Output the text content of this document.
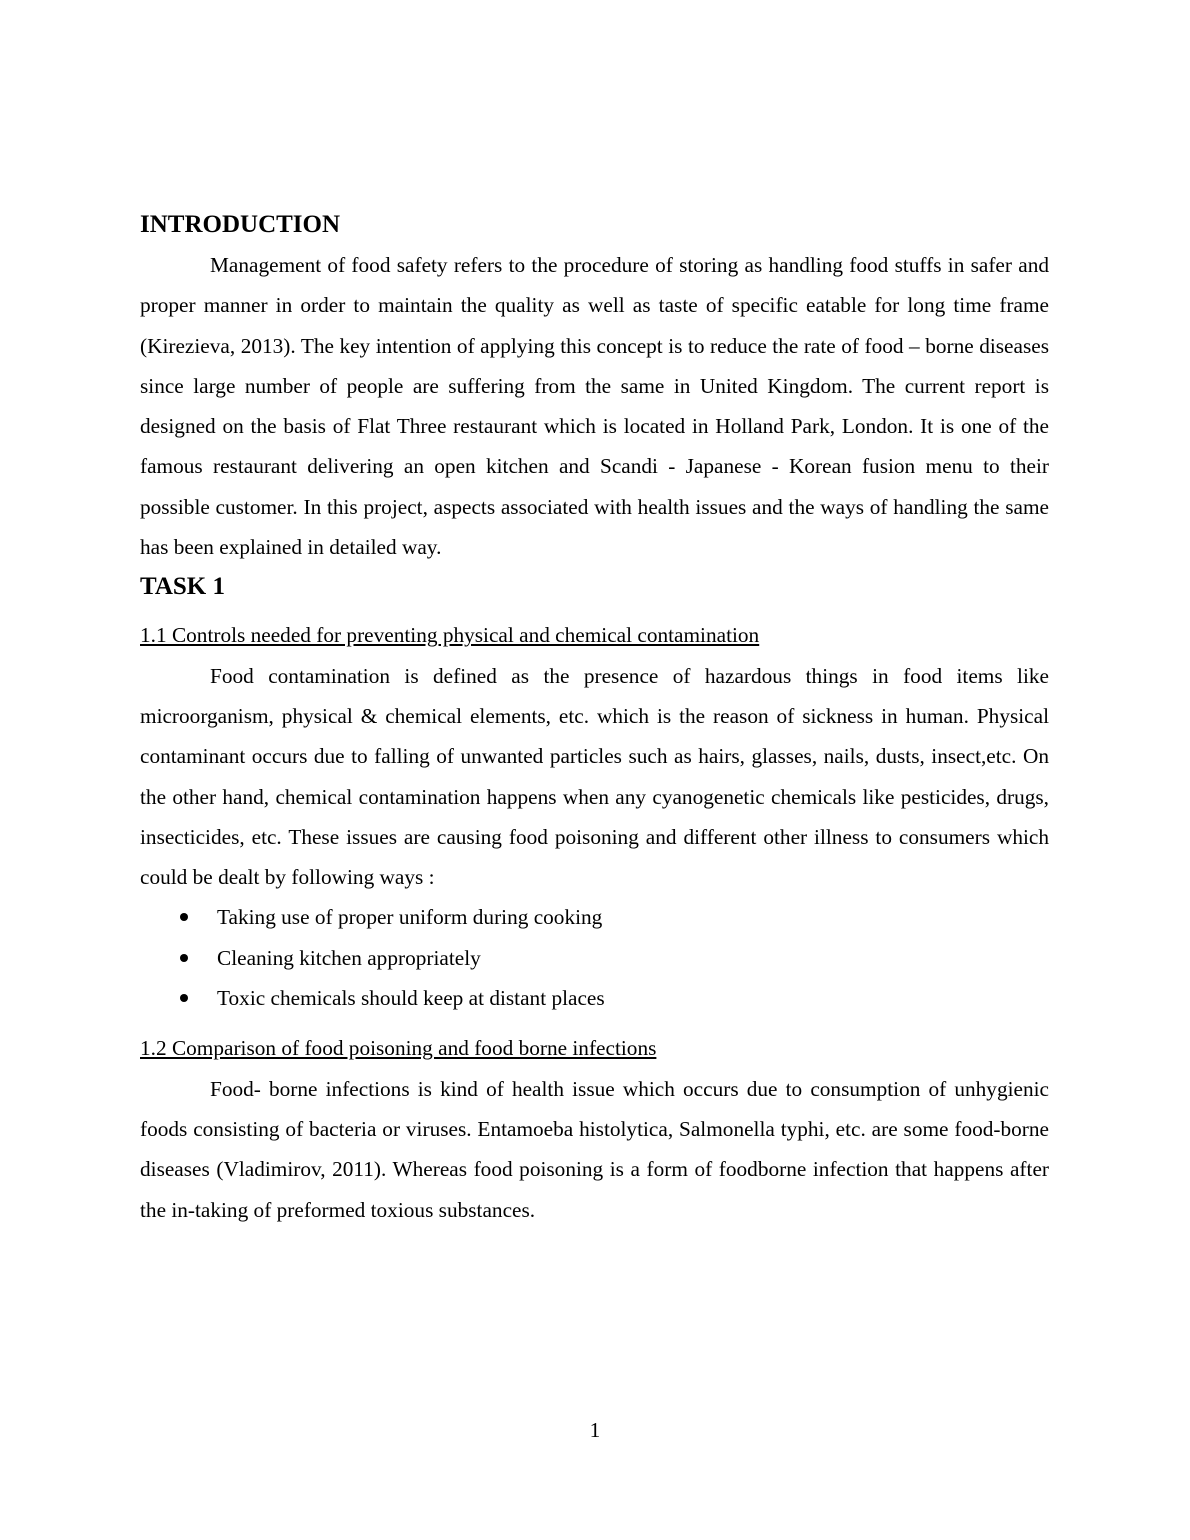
INTRODUCTION

Management of food safety refers to the procedure of storing as handling food stuffs in safer and proper manner in order to maintain the quality as well as taste of specific eatable for long time frame (Kirezieva, 2013). The key intention of applying this concept is to reduce the rate of food – borne diseases since large number of people are suffering from the same in United Kingdom. The current report is designed on the basis of Flat Three restaurant which is located in Holland Park, London. It is one of the famous restaurant delivering an open kitchen and Scandi - Japanese - Korean fusion menu to their possible customer. In this project, aspects associated with health issues and the ways of handling the same has been explained in detailed way.

TASK 1
1.1 Controls needed for preventing physical and chemical contamination

Food contamination is defined as the presence of hazardous things in food items like microorganism, physical & chemical elements, etc. which is the reason of sickness in human. Physical contaminant occurs due to falling of unwanted particles such as hairs, glasses, nails, dusts, insect,etc. On the other hand, chemical contamination happens when any cyanogenetic chemicals like pesticides, drugs, insecticides, etc. These issues are causing food poisoning and different other illness to consumers which could be dealt by following ways :

Taking use of proper uniform during cooking
Cleaning kitchen appropriately
Toxic chemicals should keep at distant places
1.2 Comparison of food poisoning and food borne infections

Food- borne infections is kind of health issue which occurs due to consumption of unhygienic foods consisting of bacteria or viruses. Entamoeba histolytica, Salmonella typhi, etc. are some food-borne diseases (Vladimirov, 2011). Whereas food poisoning is a form of foodborne infection that happens after the in-taking of preformed toxious substances.

1
